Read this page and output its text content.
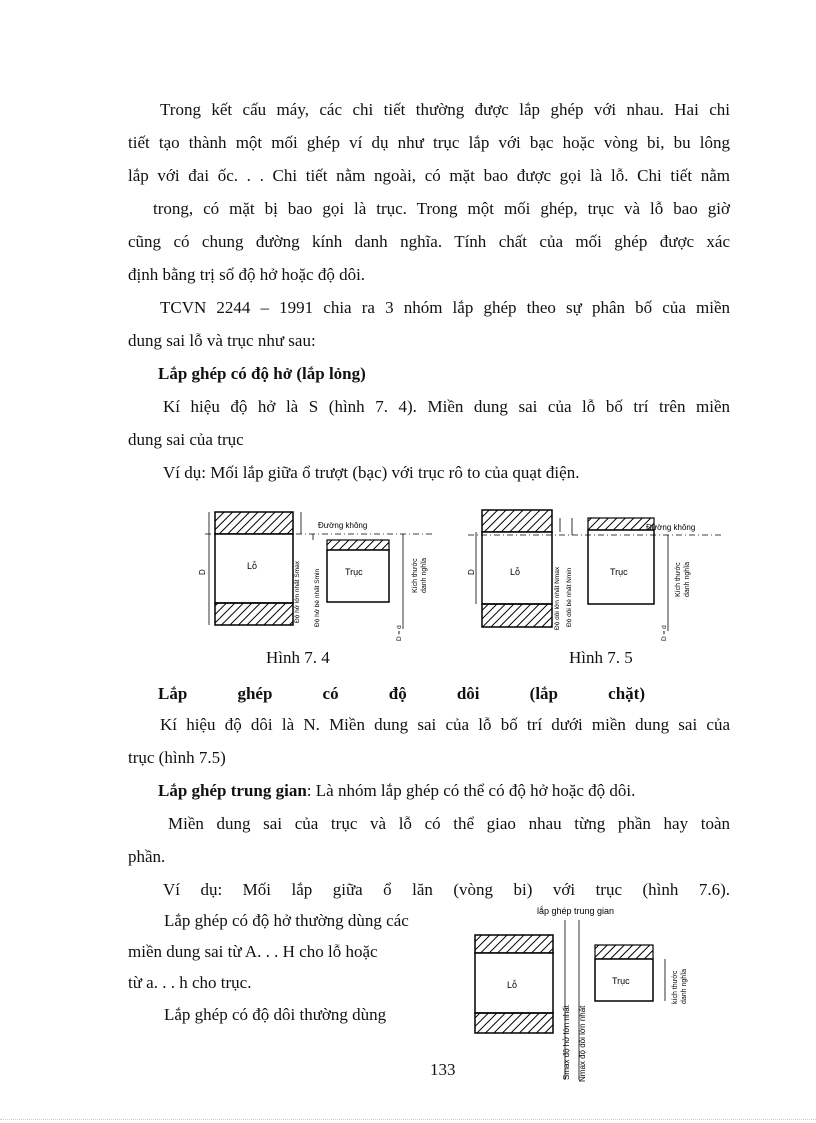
Trong kết cấu máy, các chi tiết thường được lắp ghép với nhau. Hai chi

tiết tạo thành một mối ghép ví dụ như trục lắp với bạc hoặc vòng bi, bu lông

lắp với đai ốc. . . Chi tiết nằm ngoài, có mặt bao được gọi là lỗ. Chi tiết nằm

trong, có mặt bị bao gọi là trục. Trong một mối ghép, trục và lỗ bao giờ

cũng có chung đường kính danh nghĩa. Tính chất của mối ghép được xác

định bằng trị số độ hở hoặc độ dôi.

TCVN 2244 – 1991 chia ra 3 nhóm lắp ghép theo sự phân bố của miền

dung sai lỗ và trục như sau:

Lắp ghép có độ hở (lắp lỏng)

Kí hiệu độ hở là S (hình 7. 4). Miền dung sai của lỗ bố trí trên miền

dung sai của trục

Ví dụ: Mối lắp giữa ổ trượt (bạc) với trục rô to của quạt điện.

Đường không
Lỗ
Trục
D	Độ hở lớn nhất Smax	Độ hở bé nhất Smin
D = d
Kích thước danh nghĩa
Hình 7. 4
Đường không
Lỗ	Trục
D	Độ dôi lớn nhất Nmax Độ dôi bé nhất Nmin
D = d
Kích thước danh nghĩa
Hình 7. 5
Lắp	ghép	có	độ	dôi	(lắp	chặt)

Kí hiệu độ dôi là N. Miền dung sai của lỗ bố trí dưới miền dung sai của

trục (hình 7.5)

Lắp ghép trung gian: Là nhóm lắp ghép có thể có độ hở hoặc độ dôi.

Miền dung sai của trục và lỗ có thể giao nhau từng phần hay toàn

phần.

Ví dụ: Mối lắp giữa ổ lăn (vòng bi) với trục (hình 7.6).

Lắp ghép có độ hở thường dùng các

miền dung sai từ A. . . H cho lỗ hoặc

từ a. . . h cho trục.

Lắp ghép có độ dôi thường dùng

lắp ghép trung gian
Lỗ	Trục
Smax độ hở lớn nhất Nmax độ dôi lớn nhất
kích thước danh nghĩa
133
